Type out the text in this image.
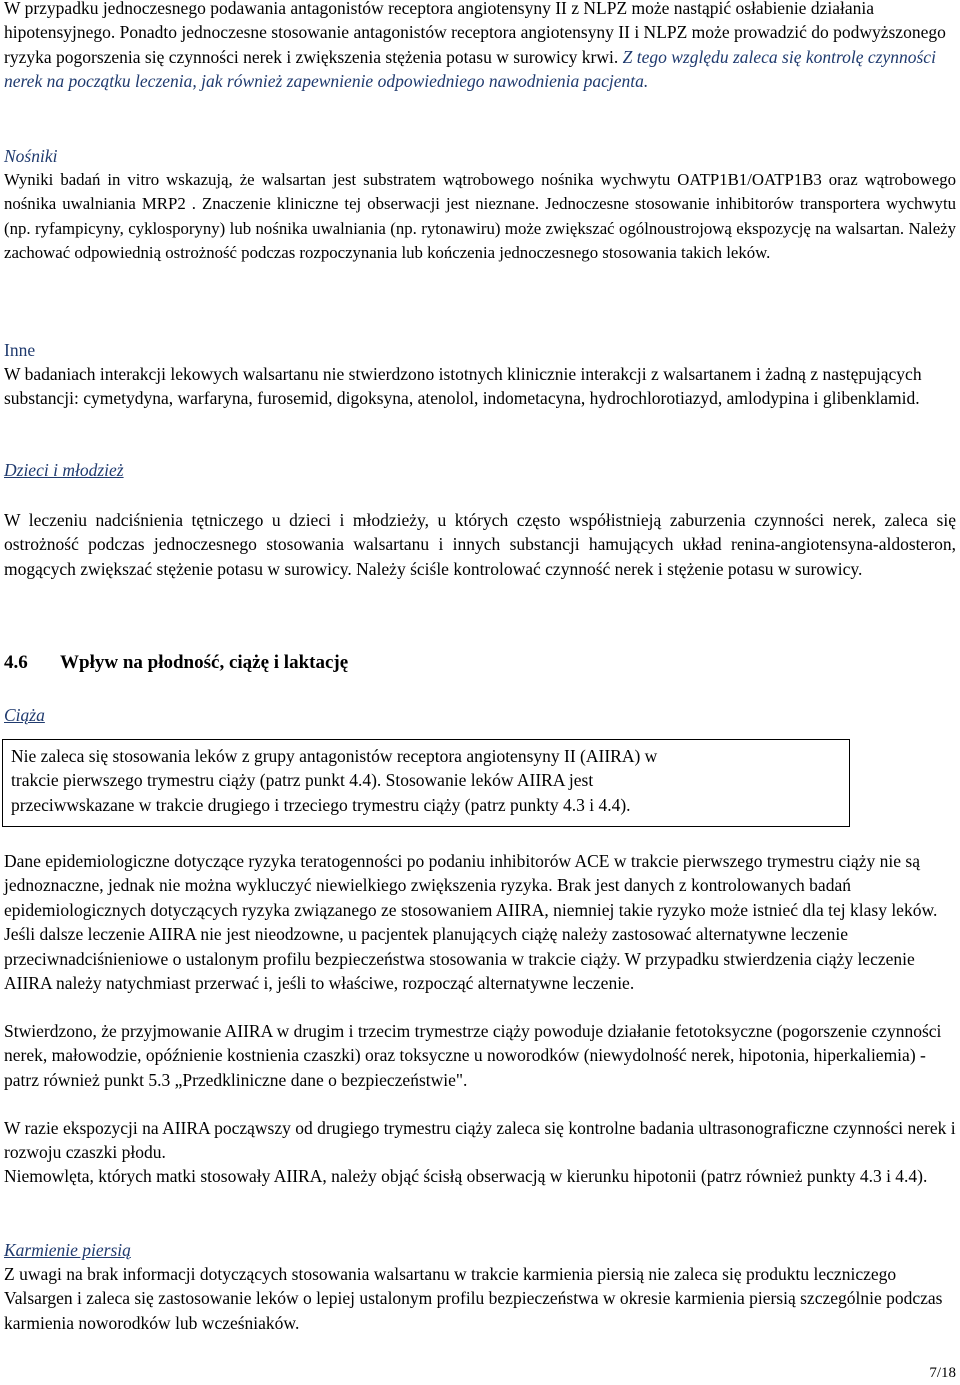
W przypadku jednoczesnego podawania antagonistów receptora angiotensyny II z NLPZ może nastąpić osłabienie działania hipotensyjnego. Ponadto jednoczesne stosowanie antagonistów receptora angiotensyny II i NLPZ może prowadzić do podwyższonego ryzyka pogorszenia się czynności nerek i zwiększenia stężenia potasu w surowicy krwi. Z tego względu zaleca się kontrolę czynności nerek na początku leczenia, jak również zapewnienie odpowiedniego nawodnienia pacjenta.

Nośniki

Wyniki badań in vitro wskazują, że walsartan jest substratem wątrobowego nośnika wychwytu OATP1B1/OATP1B3 oraz wątrobowego nośnika uwalniania MRP2 . Znaczenie kliniczne tej obserwacji jest nieznane. Jednoczesne stosowanie inhibitorów transportera wychwytu (np. ryfampicyny, cyklosporyny) lub nośnika uwalniania (np. rytonawiru) może zwiększać ogólnoustrojową ekspozycję na walsartan. Należy zachować odpowiednią ostrożność podczas rozpoczynania lub kończenia jednoczesnego stosowania takich leków.

Inne

W badaniach interakcji lekowych walsartanu nie stwierdzono istotnych klinicznie interakcji z walsartanem i żadną z następujących substancji: cymetydyna, warfaryna, furosemid, digoksyna, atenolol, indometacyna, hydrochlorotiazyd, amlodypina i glibenklamid.

Dzieci i młodzież

W leczeniu nadciśnienia tętniczego u dzieci i młodzieży, u których często współistnieją zaburzenia czynności nerek, zaleca się ostrożność podczas jednoczesnego stosowania walsartanu i innych substancji hamujących układ renina-angiotensyna-aldosteron, mogących zwiększać stężenie potasu w surowicy. Należy ściśle kontrolować czynność nerek i stężenie potasu w surowicy.

4.6 Wpływ na płodność, ciążę i laktację

Ciąża

Nie zaleca się stosowania leków z grupy antagonistów receptora angiotensyny II (AIIRA) w

trakcie pierwszego trymestru ciąży (patrz punkt 4.4). Stosowanie leków AIIRA jest

przeciwwskazane w trakcie drugiego i trzeciego trymestru ciąży (patrz punkty 4.3 i 4.4).

Dane epidemiologiczne dotyczące ryzyka teratogenności po podaniu inhibitorów ACE w trakcie pierwszego trymestru ciąży nie są jednoznaczne, jednak nie można wykluczyć niewielkiego zwiększenia ryzyka. Brak jest danych z kontrolowanych badań epidemiologicznych dotyczących ryzyka związanego ze stosowaniem AIIRA, niemniej takie ryzyko może istnieć dla tej klasy leków. Jeśli dalsze leczenie AIIRA nie jest nieodzowne, u pacjentek planujących ciążę należy zastosować alternatywne leczenie przeciwnadciśnieniowe o ustalonym profilu bezpieczeństwa stosowania w trakcie ciąży. W przypadku stwierdzenia ciąży leczenie AIIRA należy natychmiast przerwać i, jeśli to właściwe, rozpocząć alternatywne leczenie.

Stwierdzono, że przyjmowanie AIIRA w drugim i trzecim trymestrze ciąży powoduje działanie fetotoksyczne (pogorszenie czynności nerek, małowodzie, opóźnienie kostnienia czaszki) oraz toksyczne u noworodków (niewydolność nerek, hipotonia, hiperkaliemia) - patrz również punkt 5.3 „Przedkliniczne dane o bezpieczeństwie".

W razie ekspozycji na AIIRA począwszy od drugiego trymestru ciąży zaleca się kontrolne badania ultrasonograficzne czynności nerek i rozwoju czaszki płodu.

Niemowlęta, których matki stosowały AIIRA, należy objąć ścisłą obserwacją w kierunku hipotonii (patrz również punkty 4.3 i 4.4).

Karmienie piersią

Z uwagi na brak informacji dotyczących stosowania walsartanu w trakcie karmienia piersią nie zaleca się produktu leczniczego Valsargen i zaleca się zastosowanie leków o lepiej ustalonym profilu bezpieczeństwa w okresie karmienia piersią szczególnie podczas karmienia noworodków lub wcześniaków.

7/18
